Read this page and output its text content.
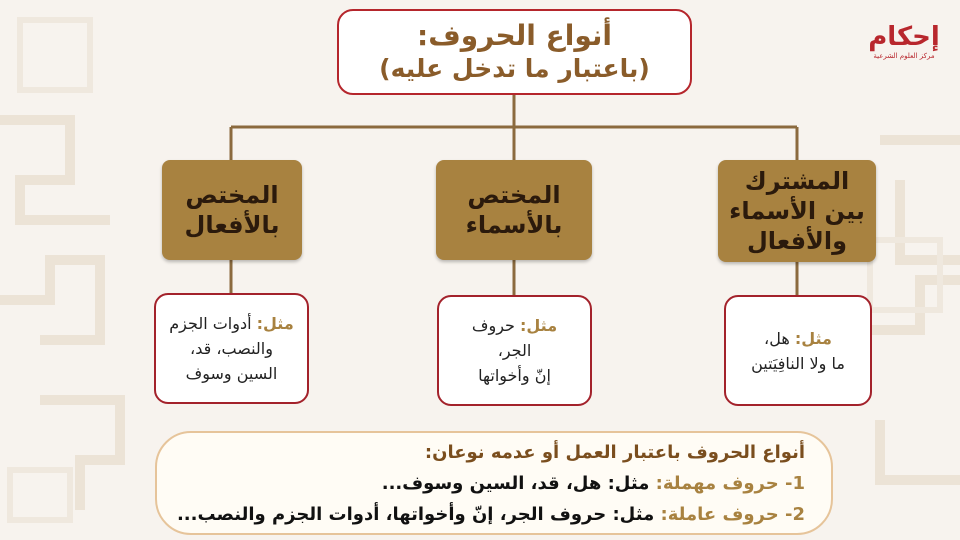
أنواع الحروف:
(باعتبار ما تدخل عليه)
إحكام
مركز العلوم الشرعية
المشترك
بين الأسماء
والأفعال
المختص
بالأسماء
المختص
بالأفعال
مثل: هل،
ما ولا النافِيَتين
مثل: حروف
الجر،
إنّ وأخواتها
مثل: أدوات الجزم
والنصب، قد،
السين وسوف
أنواع الحروف باعتبار العمل أو عدمه نوعان:
1- حروف مهملة: مثل: هل، قد، السين وسوف...
2- حروف عاملة: مثل: حروف الجر، إنّ وأخواتها، أدوات الجزم والنصب...
